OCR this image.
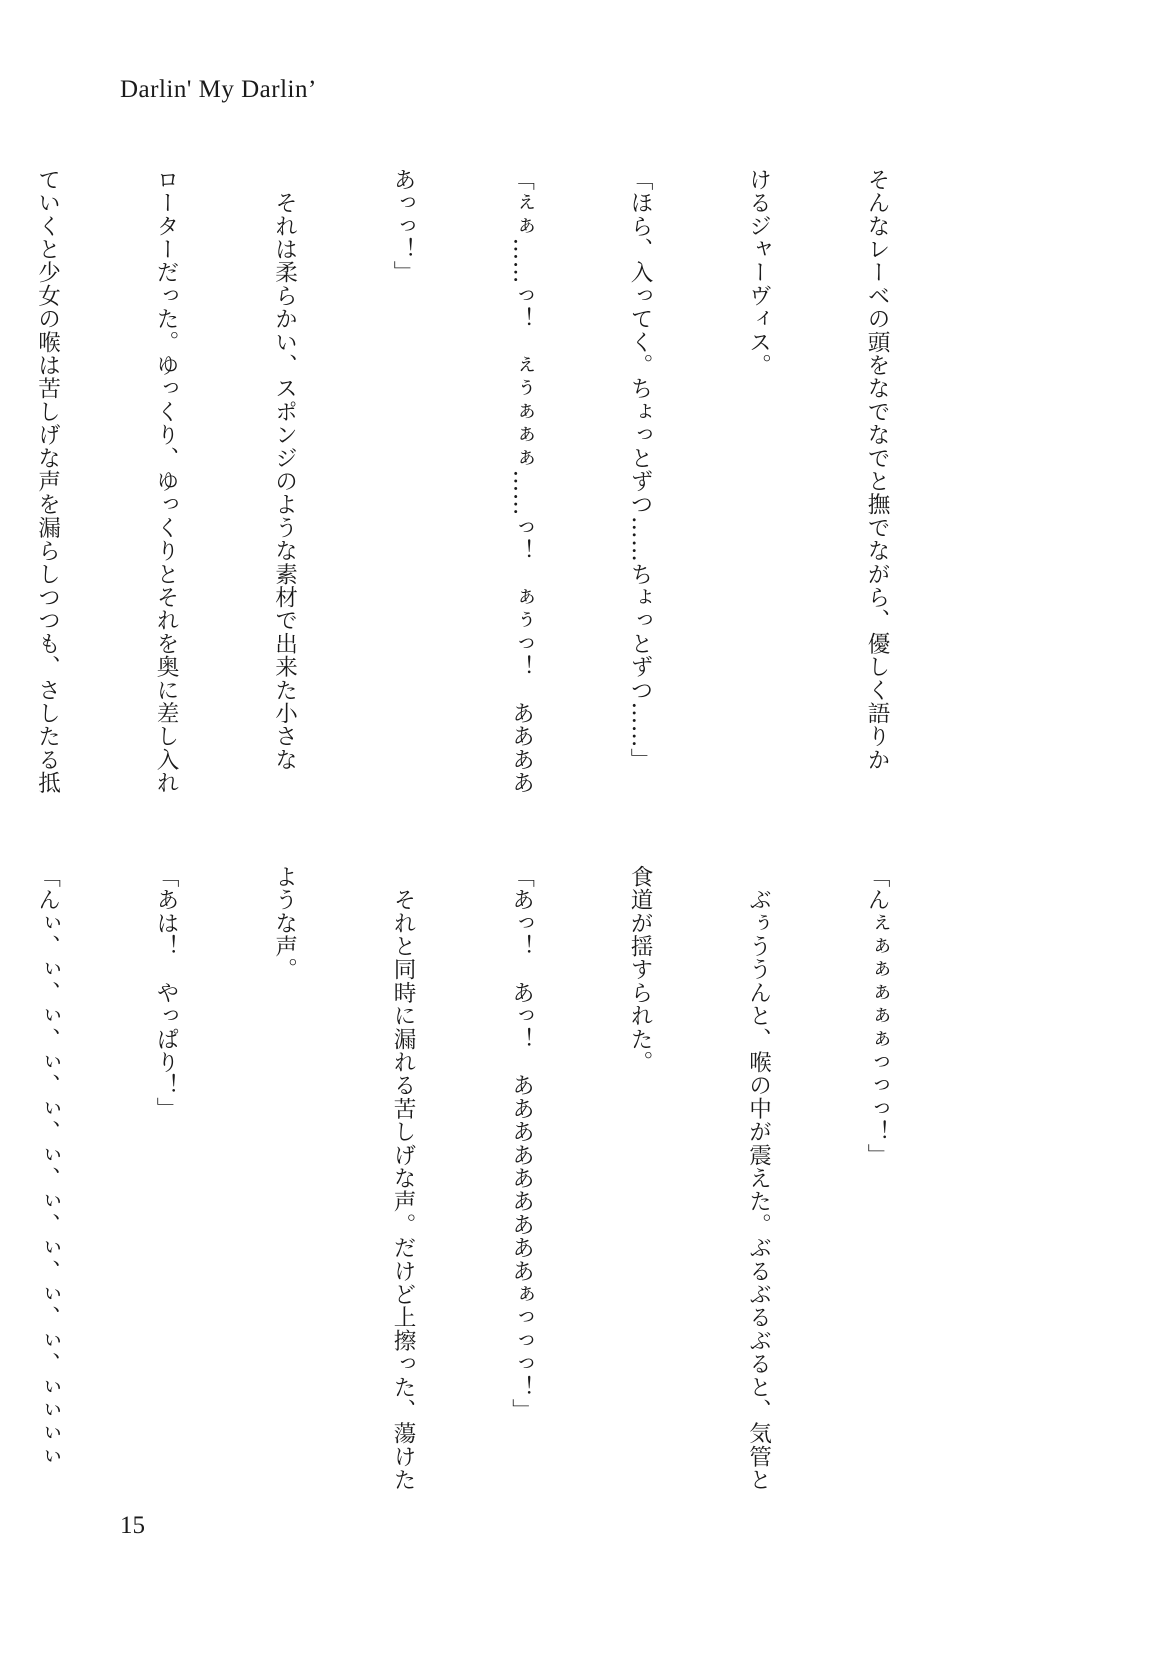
Darlin' My Darlin’

そんなレーベの頭をなでなでと撫でながら、優しく語りか

けるジャーヴィス。

「ほら、入ってく。ちょっとずつ……ちょっとずつ……」

「ぇぁ……っ！　ぇぅぁぁぁ……っ！　ぁぅっ！　ああああ

あっっ！」

　それは柔らかい、スポンジのような素材で出来た小さな

ローターだった。ゆっくり、ゆっくりとそれを奥に差し入れ

ていくと少女の喉は苦しげな声を漏らしつつも、さしたる抵

「んぇぁぁぁぁぁっっっ！」

　ぶぅううんと、喉の中が震えた。ぶるぶるぶると、気管と

食道が揺すられた。

「あっ！　あっ！　あああああああああぁっっっ！」

　それと同時に漏れる苦しげな声。だけど上擦った、蕩けた

ような声。

「あは！　やっぱり！」

「んぃ、ぃ、ぃ、ぃ、ぃ、ぃ、ぃ、ぃ、ぃ、ぃ、ぃぃぃぃ

15
